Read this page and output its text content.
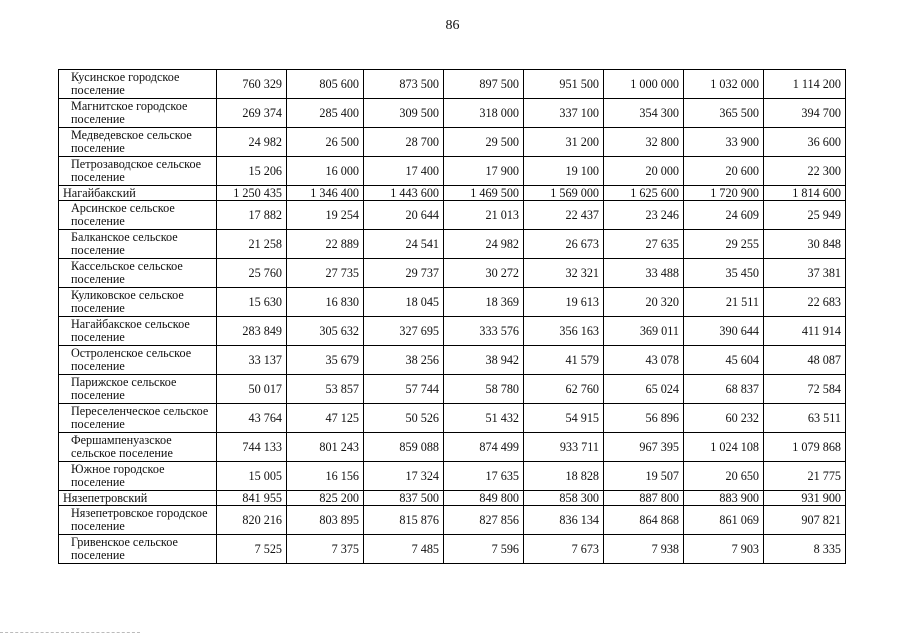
86
Кусинское городское поселение	760 329	805 600	873 500	897 500	951 500	1 000 000	1 032 000	1 114 200
Магнитское городское поселение	269 374	285 400	309 500	318 000	337 100	354 300	365 500	394 700
Медведевское сельское поселение	24 982	26 500	28 700	29 500	31 200	32 800	33 900	36 600
Петрозаводское сельское поселение	15 206	16 000	17 400	17 900	19 100	20 000	20 600	22 300
Нагайбакский	1 250 435	1 346 400	1 443 600	1 469 500	1 569 000	1 625 600	1 720 900	1 814 600
Арсинское сельское поселение	17 882	19 254	20 644	21 013	22 437	23 246	24 609	25 949
Балканское сельское поселение	21 258	22 889	24 541	24 982	26 673	27 635	29 255	30 848
Кассельское сельское поселение	25 760	27 735	29 737	30 272	32 321	33 488	35 450	37 381
Куликовское сельское поселение	15 630	16 830	18 045	18 369	19 613	20 320	21 511	22 683
Нагайбакское сельское поселение	283 849	305 632	327 695	333 576	356 163	369 011	390 644	411 914
Остроленское сельское поселение	33 137	35 679	38 256	38 942	41 579	43 078	45 604	48 087
Парижское сельское поселение	50 017	53 857	57 744	58 780	62 760	65 024	68 837	72 584
Переселенческое сельское поселение	43 764	47 125	50 526	51 432	54 915	56 896	60 232	63 511
Фершампенуазское сельское поселение	744 133	801 243	859 088	874 499	933 711	967 395	1 024 108	1 079 868
Южное городское поселение	15 005	16 156	17 324	17 635	18 828	19 507	20 650	21 775
Нязепетровский	841 955	825 200	837 500	849 800	858 300	887 800	883 900	931 900
Нязепетровское городское поселение	820 216	803 895	815 876	827 856	836 134	864 868	861 069	907 821
Гривенское сельское поселение	7 525	7 375	7 485	7 596	7 673	7 938	7 903	8 335
